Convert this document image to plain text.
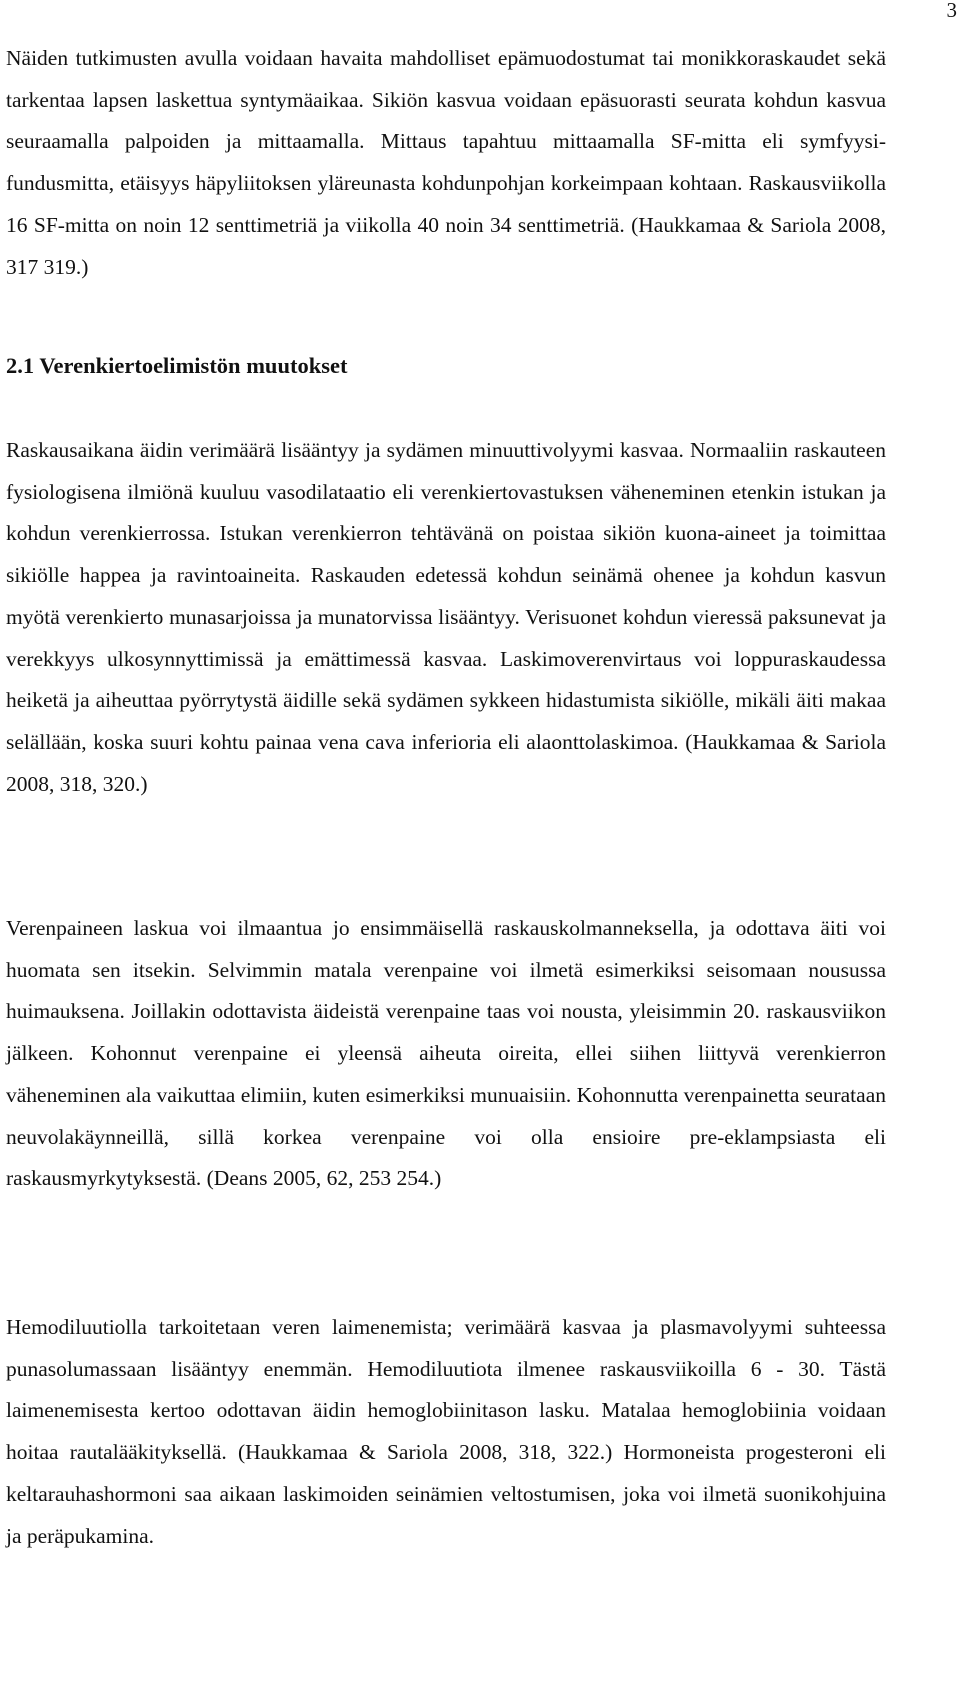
3

Näiden tutkimusten avulla voidaan havaita mahdolliset epämuodostumat tai monikkoraskaudet sekä tarkentaa lapsen laskettua syntymäaikaa. Sikiön kasvua voidaan epäsuorasti seurata kohdun kasvua seuraamalla palpoiden ja mittaamalla. Mittaus tapahtuu mittaamalla SF-mitta eli symfyysi-fundusmitta, etäisyys häpyliitoksen yläreunasta kohdunpohjan korkeimpaan kohtaan. Raskausviikolla 16 SF-mitta on noin 12 senttimetriä ja viikolla 40 noin 34 senttimetriä. (Haukkamaa & Sariola 2008, 317 319.)

2.1 Verenkiertoelimistön muutokset

Raskausaikana äidin verimäärä lisääntyy ja sydämen minuuttivolyymi kasvaa. Normaaliin raskauteen fysiologisena ilmiönä kuuluu vasodilataatio eli verenkiertovastuksen väheneminen etenkin istukan ja kohdun verenkierrossa. Istukan verenkierron tehtävänä on poistaa sikiön kuona-aineet ja toimittaa sikiölle happea ja ravintoaineita. Raskauden edetessä kohdun seinämä ohenee ja kohdun kasvun myötä verenkierto munasarjoissa ja munatorvissa lisääntyy. Verisuonet kohdun vieressä paksunevat ja verekkyys ulkosynnyttimissä ja emättimessä kasvaa. Laskimoverenvirtaus voi loppuraskaudessa heiketä ja aiheuttaa pyörrytystä äidille sekä sydämen sykkeen hidastumista sikiölle, mikäli äiti makaa selällään, koska suuri kohtu painaa vena cava inferioria eli alaonttolaskimoa. (Haukkamaa & Sariola 2008, 318, 320.)

Verenpaineen laskua voi ilmaantua jo ensimmäisellä raskauskolmanneksella, ja odottava äiti voi huomata sen itsekin. Selvimmin matala verenpaine voi ilmetä esimerkiksi seisomaan nousussa huimauksena. Joillakin odottavista äideistä verenpaine taas voi nousta, yleisimmin 20. raskausviikon jälkeen. Kohonnut verenpaine ei yleensä aiheuta oireita, ellei siihen liittyvä verenkierron väheneminen ala vaikuttaa elimiin, kuten esimerkiksi munuaisiin. Kohonnutta verenpainetta seurataan neuvolakäynneillä, sillä korkea verenpaine voi olla ensioire pre-eklampsiasta eli raskausmyrkytyksestä. (Deans 2005, 62, 253 254.)

Hemodiluutiolla tarkoitetaan veren laimenemista; verimäärä kasvaa ja plasmavolyymi suhteessa punasolumassaan lisääntyy enemmän. Hemodiluutiota ilmenee raskausviikoilla 6 - 30. Tästä laimenemisesta kertoo odottavan äidin hemoglobiinitason lasku. Matalaa hemoglobiinia voidaan hoitaa rautalääkityksellä. (Haukkamaa & Sariola 2008, 318, 322.) Hormoneista progesteroni eli keltarauhashormoni saa aikaan laskimoiden seinämien veltostumisen, joka voi ilmetä suonikohjuina ja peräpukamina.
